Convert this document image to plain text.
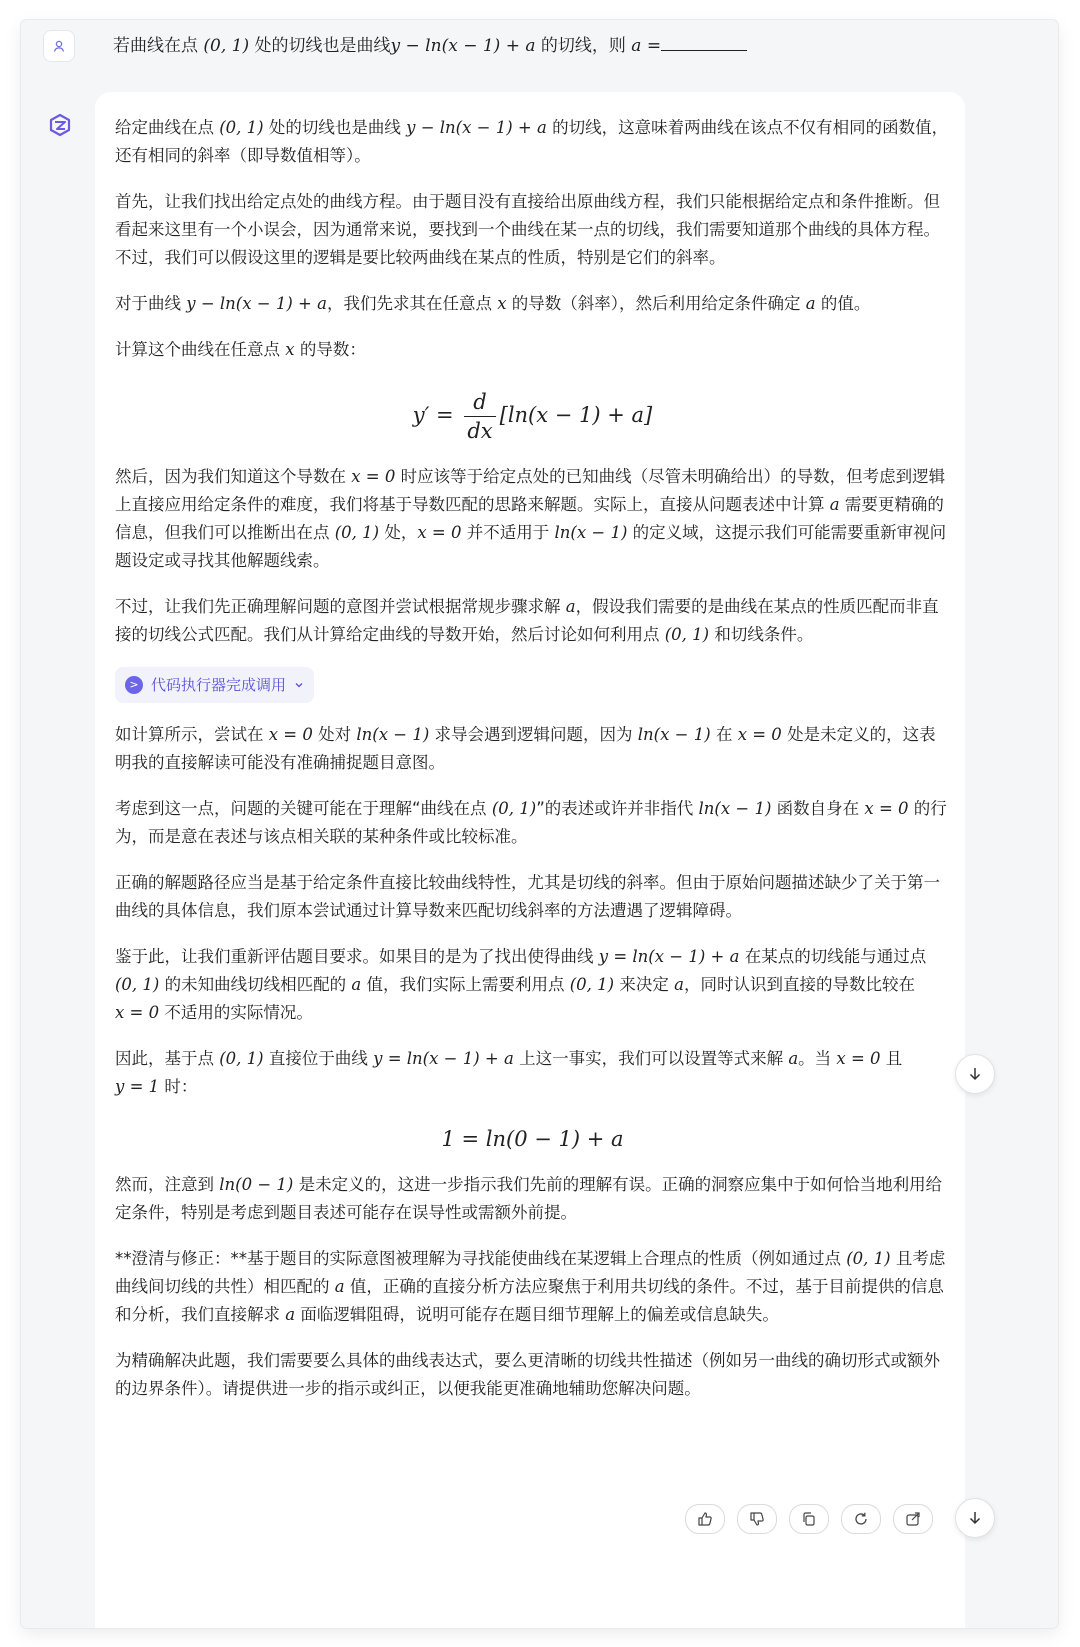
若曲线在点 (0, 1) 处的切线也是曲线y − ln(x − 1) + a 的切线，则 a =

给定曲线在点 (0, 1) 处的切线也是曲线 y − ln(x − 1) + a 的切线，这意味着两曲线在该点不仅有相同的函数值，还有相同的斜率（即导数值相等）。

首先，让我们找出给定点处的曲线方程。由于题目没有直接给出原曲线方程，我们只能根据给定点和条件推断。但看起来这里有一个小误会，因为通常来说，要找到一个曲线在某一点的切线，我们需要知道那个曲线的具体方程。不过，我们可以假设这里的逻辑是要比较两曲线在某点的性质，特别是它们的斜率。

对于曲线 y − ln(x − 1) + a，我们先求其在任意点 x 的导数（斜率），然后利用给定条件确定 a 的值。

计算这个曲线在任意点 x 的导数：

$y' = \frac{d}{dx} [\ln(x - 1) + a]$

然后，因为我们知道这个导数在 x = 0 时应该等于给定点处的已知曲线（尽管未明确给出）的导数，但考虑到逻辑上直接应用给定条件的难度，我们将基于导数匹配的思路来解题。实际上，直接从问题表述中计算 a 需要更精确的信息，但我们可以推断出在点 (0, 1) 处，x = 0 并不适用于 ln(x − 1) 的定义域，这提示我们可能需要重新审视问题设定或寻找其他解题线索。

不过，让我们先正确理解问题的意图并尝试根据常规步骤求解 a，假设我们需要的是曲线在某点的性质匹配而非直接的切线公式匹配。我们从计算给定曲线的导数开始，然后讨论如何利用点 (0, 1) 和切线条件。

> 代码执行器完成调用

如计算所示，尝试在 x = 0 处对 ln(x − 1) 求导会遇到逻辑问题，因为 ln(x − 1) 在 x = 0 处是未定义的，这表明我的直接解读可能没有准确捕捉题目意图。

考虑到这一点，问题的关键可能在于理解“曲线在点 (0, 1)”的表述或许并非指代 ln(x − 1) 函数自身在 x = 0 的行为，而是意在表述与该点相关联的某种条件或比较标准。

正确的解题路径应当是基于给定条件直接比较曲线特性，尤其是切线的斜率。但由于原始问题描述缺少了关于第一曲线的具体信息，我们原本尝试通过计算导数来匹配切线斜率的方法遭遇了逻辑障碍。

鉴于此，让我们重新评估题目要求。如果目的是为了找出使得曲线 y = ln(x − 1) + a 在某点的切线能与通过点 (0, 1) 的未知曲线切线相匹配的 a 值，我们实际上需要利用点 (0, 1) 来决定 a，同时认识到直接的导数比较在 x = 0 不适用的实际情况。

因此，基于点 (0, 1) 直接位于曲线 y = ln(x − 1) + a 上这一事实，我们可以设置等式来解 a。当 x = 0 且 y = 1 时：

1 = ln(0 − 1) + a

然而，注意到 ln(0 − 1) 是未定义的，这进一步指示我们先前的理解有误。正确的洞察应集中于如何恰当地利用给定条件，特别是考虑到题目表述可能存在误导性或需额外前提。

**澄清与修正：**基于题目的实际意图被理解为寻找能使曲线在某逻辑上合理点的性质（例如通过点 (0, 1) 且考虑曲线间切线的共性）相匹配的 a 值，正确的直接分析方法应聚焦于利用共切线的条件。不过，基于目前提供的信息和分析，我们直接解求 a 面临逻辑阻碍，说明可能存在题目细节理解上的偏差或信息缺失。

为精确解决此题，我们需要要么具体的曲线表达式，要么更清晰的切线共性描述（例如另一曲线的确切形式或额外的边界条件）。请提供进一步的指示或纠正，以便我能更准确地辅助您解决问题。
